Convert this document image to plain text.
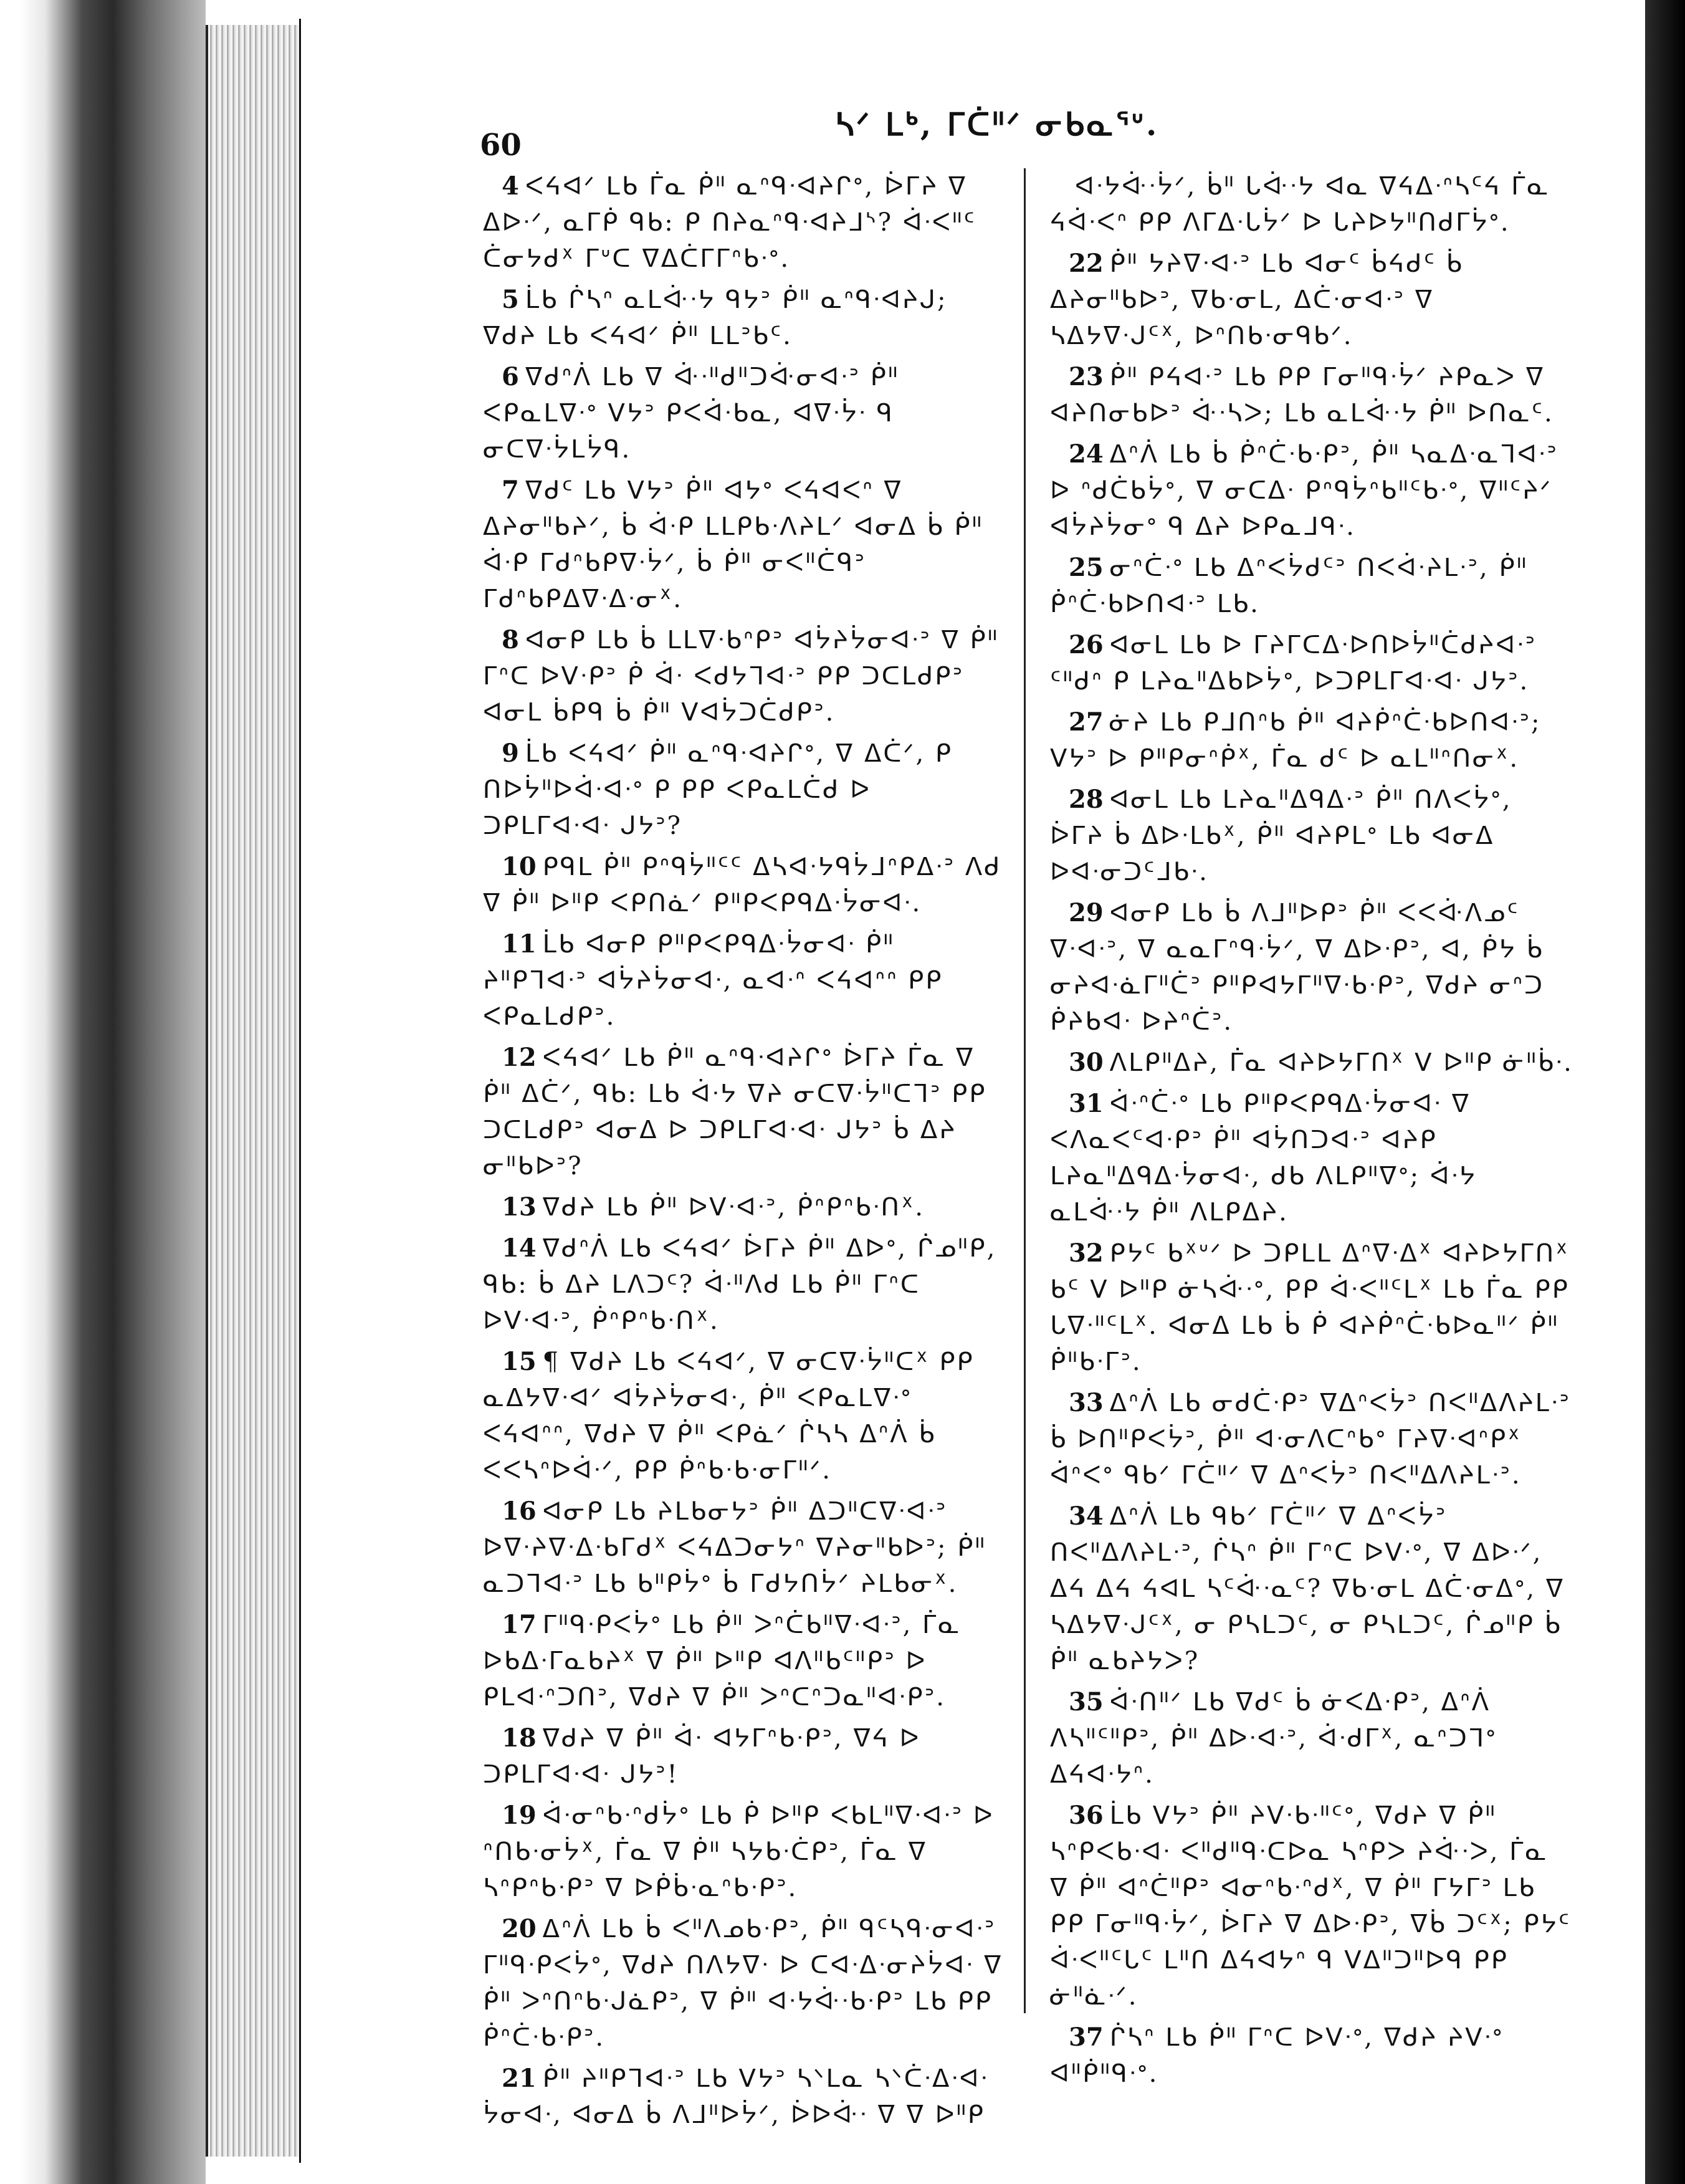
60
ᓴᐟ ᒪᒃ, ᒥᑖᐦᐟ ᓂᑲᓇᕐᐡ.

4 ᐸᔦᐊᐟ ᒪᑲ ᒦᓇ ᑮᐦ ᓇᐢᑫᐧᐊᔨᒋᐤ, ᐆᒥᔨ ᐁ ᐃᐅᐧᐟ, ᓇᒥᑮ ᑫᑲ: ᑭ ᑎᔨᓇᐢᑫᐧᐊᔨᒧᔅ? ᐋᐧᐸᐦᑦ ᑖᓂᔭᑯᕁ ᒥᐡᑕ ᐁᐃᑖᒥᒥᐢᑲᐧᐤ.

5 ᒫᑲ ᒌᓴᐢ ᓇᒪᐚᐧᔭ ᑫᔭᐣ ᑮᐦ ᓇᐢᑫᐧᐊᔨᒍ; ᐁᑯᔨ ᒪᑲ ᐸᔦᐊᐟ ᑮᐦ ᒪᒪᐣᑲᑦ.

6 ᐁᑯᐢᐲ ᒪᑲ ᐁ ᐚᐧᐦᑯᐦᑐᐚᓂᐊᐧᐣ ᑮᐦ ᐸᑭᓇᒪᐁᐧᐤ ᐯᔭᐣ ᑭᐸᐋᐧᑲᓇ, ᐊᐁᐧᔮᐧ ᑫ ᓂᑕᐁᐧᔮᒪᔮᑫ.

7 ᐁᑯᑦ ᒪᑲ ᐯᔭᐣ ᑮᐦ ᐊᔭᐤ ᐸᔦᐊᐸᐢ ᐁ ᐃᔨᓂᐦᑲᔨᐟ, ᑳ ᐋᐧᑭ ᒪᒪᑭᑲᐧᐱᔨᒪᐟ ᐊᓂᐃ ᑳ ᑮᐦ ᐋᐧᑭ ᒥᑯᐢᑲᑭᐁᐧᔮᐟ, ᑳ ᑮᐦ ᓂᐸᐦᑖᑫᐣ ᒥᑯᐢᑲᑭᐃᐁᐧᐃᐧᓂᕽ.

8 ᐊᓂᑭ ᒪᑲ ᑳ ᒪᒪᐁᐧᑲᐢᑭᐣ ᐊᔮᔨᔮᓂᐊᐧᐣ ᐁ ᑮᐦ ᒥᐢᑕ ᐅᐯᐧᑭᐣ ᑮ ᐋᐧ ᐸᑯᔭᒣᐊᐧᐣ ᑭᑭ ᑐᑕᒪᑯᑭᐣ ᐊᓂᒪ ᑳᑭᑫ ᑳ ᑮᐦ ᐯᐊᔮᑐᑖᑯᑭᐣ.

9 ᒫᑲ ᐸᔦᐊᐟ ᑮᐦ ᓇᐢᑫᐧᐊᔨᒋᐤ, ᐁ ᐃᑖᐟ, ᑭ ᑎᐅᔮᐦᐅᐋᐧᐊᐧᐤ ᑭ ᑭᑭ ᐸᑭᓇᒪᑖᑯ ᐅ ᑐᑭᒪᒥᐊᐧᐊᐧ ᒍᔭᐣ?

10 ᑭᑫᒪ ᑮᐦ ᑭᐢᑫᔮᐦᑦᑦ ᐃᓴᐊᐧᔭᑫᔮᒧᐢᑭᐃᐧᐣ ᐱᑯ ᐁ ᑮᐦ ᐅᐦᑭ ᐸᑭᑎᓈᐟ ᑭᐦᑭᐸᑭᑫᐃᐧᔮᓂᐊᐧ.

11 ᒫᑲ ᐊᓂᑭ ᑭᐦᑭᐸᑭᑫᐃᐧᔮᓂᐊᐧ ᑮᐦ ᔨᐦᑭᒣᐊᐧᐣ ᐊᔮᔨᔮᓂᐊᐧ, ᓇᐊᐧᐢ ᐸᔦᐊᐢᐢ ᑭᑭ ᐸᑭᓇᒪᑯᑭᐣ.

12 ᐸᔦᐊᐟ ᒪᑲ ᑮᐦ ᓇᐢᑫᐧᐊᔨᒋᐤ ᐆᒥᔨ ᒦᓇ ᐁ ᑮᐦ ᐃᑖᐟ, ᑫᑲ: ᒪᑲ ᐋᐧᔭ ᐁᔨ ᓂᑕᐁᐧᔮᐦᑕᒣᐣ ᑭᑭ ᑐᑕᒪᑯᑭᐣ ᐊᓂᐃ ᐅ ᑐᑭᒪᒥᐊᐧᐊᐧ ᒍᔭᐣ ᑳ ᐃᔨ ᓂᐦᑲᐅᐣ?

13 ᐁᑯᔨ ᒪᑲ ᑮᐦ ᐅᐯᐧᐊᐧᐣ, ᑮᐢᑭᐢᑲᐧᑎᕽ.

14 ᐁᑯᐢᐲ ᒪᑲ ᐸᔦᐊᐟ ᐆᒥᔨ ᑮᐦ ᐃᐅᐤ, ᒌᓄᐦᑭ, ᑫᑲ: ᑳ ᐃᔨ ᒪᐱᑐᑦ? ᐋᐧᐦᐱᑯ ᒪᑲ ᑮᐦ ᒥᐢᑕ ᐅᐯᐧᐊᐧᐣ, ᑮᐢᑭᐢᑲᐧᑎᕽ.

15 ¶ ᐁᑯᔨ ᒪᑲ ᐸᔦᐊᐟ, ᐁ ᓂᑕᐁᐧᔮᐦᑕᕽ ᑭᑭ ᓇᐃᔭᐁᐧᐊᐟ ᐊᔮᔨᔮᓂᐊᐧ, ᑮᐦ ᐸᑭᓇᒪᐁᐧᐤ ᐸᔦᐊᐢᐢ, ᐁᑯᔨ ᐁ ᑮᐦ ᐸᑭᓈᐟ ᒌᓴᓴ ᐃᐢᐲ ᑳ ᐸᐸᓴᐢᐅᐋᐧᐟ, ᑭᑭ ᑮᐢᑲᐧᑲᐧᓂᒥᐦᐟ.

16 ᐊᓂᑭ ᒪᑲ ᔨᒪᑲᓂᔭᐣ ᑮᐦ ᐃᑐᐦᑕᐁᐧᐊᐧᐣ ᐅᐁᐧᔨᐁᐧᐃᐧᑲᒥᑯᕁ ᐸᔦᐃᑐᓂᔭᐢ ᐁᔨᓂᐦᑲᐅᐣ; ᑮᐦ ᓇᑐᒣᐊᐧᐣ ᒪᑲ ᑲᐦᑭᔮᐤ ᑳ ᒥᑯᔭᑎᔮᐟ ᔨᒪᑲᓂᕽ.

17 ᒥᐦᑫᐧᑭᐸᔮᐤ ᒪᑲ ᑮᐦ ᐳᐢᑖᑲᐦᐁᐧᐊᐧᐣ, ᒦᓇ ᐅᑲᐃᐧᒥᓇᑲᔨᕁ ᐁ ᑮᐦ ᐅᐦᑭ ᐊᐱᐦᑲᑦᐦᑭᐣ ᐅ ᑭᒪᐊᐧᐢᑐᑎᐣ, ᐁᑯᔨ ᐁ ᑮᐦ ᐳᐢᑕᐢᑐᓇᐦᐊᐧᑭᐣ.

18 ᐁᑯᔨ ᐁ ᑮᐦ ᐋᐧ ᐊᔭᒥᐢᑲᐧᑭᐣ, ᐁᔦ ᐅ ᑐᑭᒪᒥᐊᐧᐊᐧ ᒍᔭᐣ!

19 ᐋᐧᓂᐢᑲᐧᐢᑯᔮᐤ ᒪᑲ ᑮ ᐅᐦᑭ ᐸᑲᒪᐦᐁᐧᐊᐧᐣ ᐅ ᐢᑎᑲᐧᓂᔮᕁ, ᒦᓇ ᐁ ᑮᐦ ᓴᔭᑲᐧᑖᑭᐣ, ᒦᓇ ᐁ ᓴᐢᑭᐢᑲᐧᑭᐣ ᐁ ᐅᑮᑳᐧᓇᐢᑲᐧᑭᐣ.

20 ᐃᐢᐲ ᒪᑲ ᑳ ᐸᐦᐱᓄᑲᐧᑭᐣ, ᑮᐦ ᑫᑦᓴᑫᐧᓂᐊᐧᐣ ᒥᐦᑫᐧᑭᐸᔮᐤ, ᐁᑯᔨ ᑎᐱᔭᐁᐧ ᐅ ᑕᐊᐧᐃᐧᓂᔨᔮᐊᐧ ᐁ ᑮᐦ ᐳᐢᑎᐢᑲᐧᒍᓈᑭᐣ, ᐁ ᑮᐦ ᐊᐧᔭᐚᐧᑲᐧᑭᐣ ᒪᑲ ᑭᑭ ᑮᐢᑖᐧᑲᐧᑭᐣ.

21 ᑮᐦ ᔨᐦᑭᒣᐊᐧᐣ ᒪᑲ ᐯᔭᐣ ᓴᐠᒪᓇ ᓴᐠᑖᐧᐃᐧᐊᐧ ᔮᓂᐊᐧ, ᐊᓂᐃ ᑳ ᐱᒧᐦᐅᔮᐟ, ᐆᐅᐚᐧ ᐁ ᐁ ᐅᐦᑭ

ᐊᐧᔭᐚᐧᔮᐟ, ᑳᐦ ᒐᐚᐧᔭ ᐊᓇ ᐁᔦᐃᐧᐢᓴᑦᔦ ᒦᓇ ᔦᐋᐧᐸᐢ ᑭᑭ ᐱᒥᐃᐧᒐᔮᐟ ᐅ ᒐᔨᐅᔭᐦᑎᑯᒥᔮᐤ.

22 ᑮᐦ ᔭᔨᐁᐧᐊᐧᐣ ᒪᑲ ᐊᓂᑦ ᑳᔦᑯᑦ ᑳ ᐃᔨᓂᐦᑲᐅᐣ, ᐁᑲᐧᓂᒪ, ᐃᑖᐧᓂᐊᐧᐣ ᐁ ᓴᐃᔭᐁᐧᒍᑦᕽ, ᐅᐢᑎᑲᐧᓂᑫᑲᐟ.

23 ᑮᐦ ᑭᔦᐊᐧᐣ ᒪᑲ ᑭᑭ ᒥᓂᐦᑫᐧᔮᐟ ᔨᑭᓇᐳ ᐁ ᐊᔨᑎᓂᑲᐅᐣ ᐚᐧᓴᐳ; ᒪᑲ ᓇᒪᐚᐧᔭ ᑮᐦ ᐅᑎᓇᑦ.

24 ᐃᐢᐲ ᒪᑲ ᑳ ᑮᐢᑖᐧᑲᐧᑭᐣ, ᑮᐦ ᓴᓇᐃᐧᓇᒣᐊᐧᐣ ᐅ ᐢᑯᑖᑲᔮᐤ, ᐁ ᓂᑕᐃᐧ ᑭᐢᑫᔮᐢᑲᐦᑦᑲᐧᐤ, ᐁᐦᑦᔨᐟ ᐊᔮᔨᔮᓂᐤ ᑫ ᐃᔨ ᐅᑭᓇᒧᑫᐧ.

25 ᓂᐢᑖᐧᐤ ᒪᑲ ᐃᐢᐸᔮᑯᑦᐣ ᑎᐸᐋᐧᔨᒪᐧᐣ, ᑮᐦ ᑮᐢᑖᐧᑲᐅᑎᐊᐧᐣ ᒪᑲ.

26 ᐊᓂᒪ ᒪᑲ ᐅ ᒥᔨᒥᑕᐃᐧᐅᑎᐅᔮᐦᑖᑯᔨᐊᐧᐣ ᑦᐦᑯᐢ ᑭ ᒪᔨᓇᐦᐃᑲᐅᔮᐤ, ᐅᑐᑭᒪᒥᐊᐧᐊᐧ ᒍᔭᐣ.

27 ᓃᔨ ᒪᑲ ᑭᒧᑎᐢᑲ ᑮᐦ ᐊᔨᑮᐢᑖᐧᑲᐅᑎᐊᐧᐣ; ᐯᔭᐣ ᐅ ᑭᐦᑭᓂᐢᑮᕁ, ᒦᓇ ᑯᑦ ᐅ ᓇᒪᐦᐢᑎᓂᕁ.

28 ᐊᓂᒪ ᒪᑲ ᒪᔨᓇᐦᐃᑫᐃᐧᐣ ᑮᐦ ᑎᐱᐸᔮᐤ, ᐆᒥᔨ ᑳ ᐃᐅᐧᒪᑲᕁ, ᑮᐦ ᐊᔨᑭᒪᐤ ᒪᑲ ᐊᓂᐃ ᐅᐊᐧᓂᑐᑦᒧᑲᐧ.

29 ᐊᓂᑭ ᒪᑲ ᑳ ᐱᒧᐦᐅᑭᐣ ᑮᐦ ᐸᐸᐚᐱᓄᑦ ᐁᐧᐊᐧᐣ, ᐁ ᓇᓇᒥᐢᑫᐧᔮᐟ, ᐁ ᐃᐅᐧᑭᐣ, ᐊ, ᑮᔭ ᑳ ᓂᔨᐊᐧᓈᒥᐦᑖᐣ ᑭᐦᑭᐊᔭᒥᐦᐁᐧᑲᐧᑭᐣ, ᐁᑯᔨ ᓂᐢᑐ ᑮᔨᑲᐊᐧ ᐅᔨᐢᑖᐣ.

30 ᐱᒪᑭᐦᐃᔨ, ᒦᓇ ᐊᔨᐅᔭᒥᑎᕁ ᐯ ᐅᐦᑭ ᓃᐦᑳᐧ.

31 ᐋᐧᐢᑖᐧᐤ ᒪᑲ ᑭᐦᑭᐸᑭᑫᐃᐧᔮᓂᐊᐧ ᐁ ᐸᐱᓇᐸᑦᐊᐧᑭᐣ ᑮᐦ ᐊᔮᑎᑐᐊᐧᐣ ᐊᔨᑭ ᒪᔨᓇᐦᐃᑫᐃᐧᔮᓂᐊᐧ, ᑯᑲ ᐱᒪᑭᐦᐁᐤ; ᐋᐧᔭ ᓇᒪᐚᐧᔭ ᑮᐦ ᐱᒪᑭᐃᔨ.

32 ᑭᔭᑦ ᑲᕁᐡᐟ ᐅ ᑐᑭᒪᒪ ᐃᐢᐁᐧᐃᕁ ᐊᔨᐅᔭᒥᑎᕁ ᑲᑦ ᐯ ᐅᐦᑭ ᓃᓴᐚᐧᐤ, ᑭᑭ ᐋᐧᐸᐦᑦᒪᕁ ᒪᑲ ᒦᓇ ᑭᑭ ᒐᐁᐧᐦᑦᒪᕁ. ᐊᓂᐃ ᒪᑲ ᑳ ᑮ ᐊᔨᑮᐢᑖᐧᑲᐅᓇᐦᐟ ᑮᐦ ᑮᐦᑲᐧᒥᐣ.

33 ᐃᐢᐲ ᒪᑲ ᓂᑯᑖᐧᑭᐣ ᐁᐃᐢᐸᔮᐣ ᑎᐸᐦᐃᐱᔨᒪᐧᐣ ᑳ ᐅᑎᐦᑭᐸᔮᐣ, ᑮᐦ ᐊᐧᓂᐱᑕᐢᑲᐤ ᒥᔨᐁᐧᐊᐢᑭᕁ ᐋᐢᐸᐤ ᑫᑲᐟ ᒥᑖᐦᐟ ᐁ ᐃᐢᐸᔮᐣ ᑎᐸᐦᐃᐱᔨᒪᐧᐣ.

34 ᐃᐢᐲ ᒪᑲ ᑫᑲᐟ ᒥᑖᐦᐟ ᐁ ᐃᐢᐸᔮᐣ ᑎᐸᐦᐃᐱᔨᒪᐧᐣ, ᒌᓴᐢ ᑮᐦ ᒥᐢᑕ ᐅᐯᐧᐤ, ᐁ ᐃᐅᐧᐟ, ᐃᔦ ᐃᔦ ᔦᐊᒪ ᓴᑦᐚᐧᓇᑦ? ᐁᑲᐧᓂᒪ ᐃᑖᐧᓂᐃᐤ, ᐁ ᓴᐃᔭᐁᐧᒍᑦᕽ, ᓂ ᑭᓴᒪᑐᑦ, ᓂ ᑭᓴᒪᑐᑦ, ᒌᓄᐦᑭ ᑳ ᑮᐦ ᓇᑲᔨᔭᐳ?

35 ᐋᐧᑎᐦᐟ ᒪᑲ ᐁᑯᑦ ᑳ ᓃᐸᐃᐧᑭᐣ, ᐃᐢᐲ ᐱᓴᐦᑦᐦᑭᐣ, ᑮᐦ ᐃᐅᐧᐊᐧᐣ, ᐋᐧᑯᒥᕁ, ᓇᐢᑐᒣᐤ ᐃᔦᐊᐧᔭᐢ.

36 ᒫᑲ ᐯᔭᐣ ᑮᐦ ᔨᐯᐧᑲᐧᐦᑦᐤ, ᐁᑯᔨ ᐁ ᑮᐦ ᓴᐢᑭᐸᑲᐧᐊᐧ ᐸᐦᑯᐦᑫᐧᑕᐅᓇ ᓴᐢᑭᐳ ᔨᐚᐧᐳ, ᒦᓇ ᐁ ᑮᐦ ᐊᐢᑖᐦᑭᐣ ᐊᓂᐢᑲᐧᐢᑯᕁ, ᐁ ᑮᐦ ᒥᔭᒥᐣ ᒪᑲ ᑭᑭ ᒥᓂᐦᑫᐧᔮᐟ, ᐆᒥᔨ ᐁ ᐃᐅᐧᑭᐣ, ᐁᑳ ᑐᑦᕁ; ᑭᔭᑦ ᐋᐧᐸᐦᑦᒐᑦ ᒪᐦᑎ ᐃᔦᐊᔭᐢ ᑫ ᐯᐃᐦᑐᐦᐅᑫ ᑭᑭ ᓃᐦᓈᐧᐟ.

37 ᒌᓴᐢ ᒪᑲ ᑮᐦ ᒥᐢᑕ ᐅᐯᐧᐤ, ᐁᑯᔨ ᔨᐯᐧᐤ ᐊᐦᑮᐦᑫᐧᐤ.
